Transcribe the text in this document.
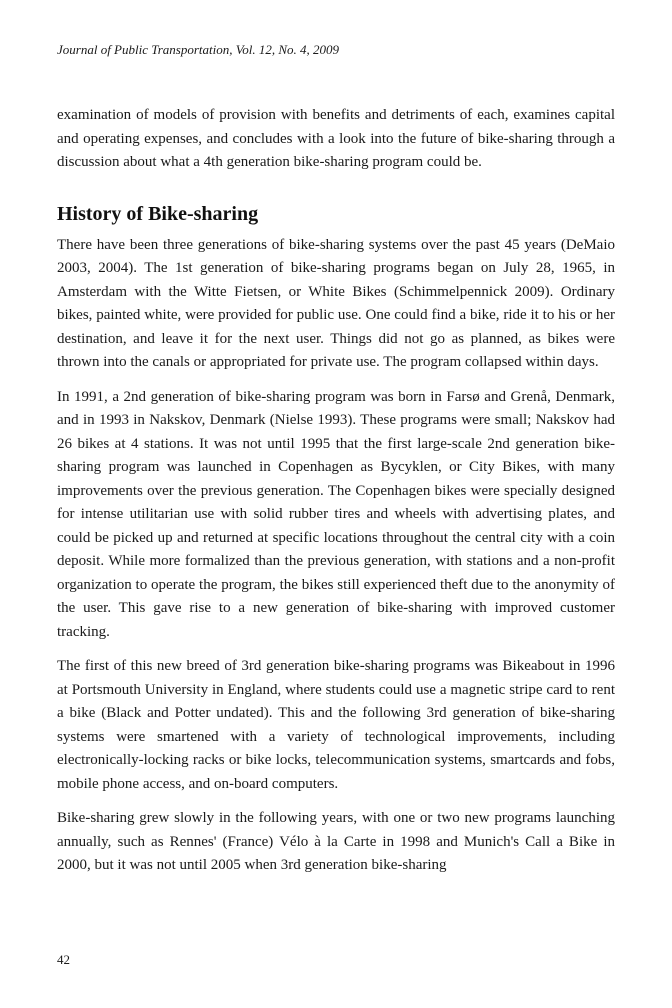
Journal of Public Transportation, Vol. 12, No. 4, 2009

examination of models of provision with benefits and detriments of each, examines capital and operating expenses, and concludes with a look into the future of bike-sharing through a discussion about what a 4th generation bike-sharing program could be.

History of Bike-sharing

There have been three generations of bike-sharing systems over the past 45 years (DeMaio 2003, 2004). The 1st generation of bike-sharing programs began on July 28, 1965, in Amsterdam with the Witte Fietsen, or White Bikes (Schimmelpennick 2009). Ordinary bikes, painted white, were provided for public use. One could find a bike, ride it to his or her destination, and leave it for the next user. Things did not go as planned, as bikes were thrown into the canals or appropriated for private use. The program collapsed within days.

In 1991, a 2nd generation of bike-sharing program was born in Farsø and Grenå, Denmark, and in 1993 in Nakskov, Denmark (Nielse 1993). These programs were small; Nakskov had 26 bikes at 4 stations. It was not until 1995 that the first large-scale 2nd generation bike-sharing program was launched in Copenhagen as Bycyklen, or City Bikes, with many improvements over the previous generation. The Copenhagen bikes were specially designed for intense utilitarian use with solid rubber tires and wheels with advertising plates, and could be picked up and returned at specific locations throughout the central city with a coin deposit. While more formalized than the previous generation, with stations and a non-profit organization to operate the program, the bikes still experienced theft due to the anonymity of the user. This gave rise to a new generation of bike-sharing with improved customer tracking.

The first of this new breed of 3rd generation bike-sharing programs was Bikeabout in 1996 at Portsmouth University in England, where students could use a magnetic stripe card to rent a bike (Black and Potter undated). This and the following 3rd generation of bike-sharing systems were smartened with a variety of technological improvements, including electronically-locking racks or bike locks, telecommunication systems, smartcards and fobs, mobile phone access, and on-board computers.

Bike-sharing grew slowly in the following years, with one or two new programs launching annually, such as Rennes' (France) Vélo à la Carte in 1998 and Munich's Call a Bike in 2000, but it was not until 2005 when 3rd generation bike-sharing

42
